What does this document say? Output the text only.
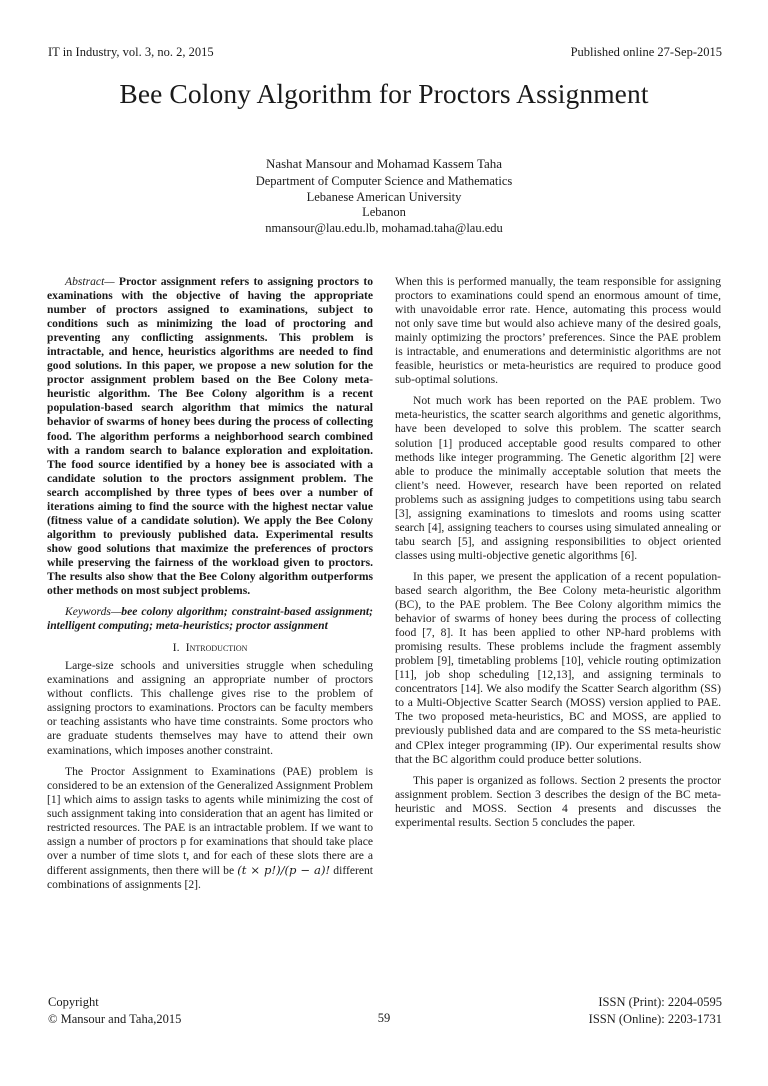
IT in Industry, vol. 3, no. 2, 2015	Published online 27-Sep-2015
Bee Colony Algorithm for Proctors Assignment
Nashat Mansour and Mohamad Kassem Taha
Department of Computer Science and Mathematics
Lebanese American University
Lebanon
nmansour@lau.edu.lb, mohamad.taha@lau.edu

Abstract— Proctor assignment refers to assigning proctors to examinations with the objective of having the appropriate number of proctors assigned to examinations, subject to conditions such as minimizing the load of proctoring and preventing any conflicting assignments. This problem is intractable, and hence, heuristics algorithms are needed to find good solutions. In this paper, we propose a new solution for the proctor assignment problem based on the Bee Colony meta-heuristic algorithm. The Bee Colony algorithm is a recent population-based search algorithm that mimics the natural behavior of swarms of honey bees during the process of collecting food. The algorithm performs a neighborhood search combined with a random search to balance exploration and exploitation. The food source identified by a honey bee is associated with a candidate solution to the proctors assignment problem. The search accomplished by three types of bees over a number of iterations aiming to find the source with the highest nectar value (fitness value of a candidate solution). We apply the Bee Colony algorithm to previously published data. Experimental results show good solutions that maximize the preferences of proctors while preserving the fairness of the workload given to proctors. The results also show that the Bee Colony algorithm outperforms other methods on most subject problems.

Keywords—bee colony algorithm; constraint-based assignment; intelligent computing; meta-heuristics; proctor assignment

I. Introduction

Large-size schools and universities struggle when scheduling examinations and assigning an appropriate number of proctors without conflicts. This challenge gives rise to the problem of assigning proctors to examinations. Proctors can be faculty members or teaching assistants who have time constraints. Some proctors who are graduate students themselves may have to attend their own examinations, which imposes another constraint.

The Proctor Assignment to Examinations (PAE) problem is considered to be an extension of the Generalized Assignment Problem [1] which aims to assign tasks to agents while minimizing the cost of such assignment taking into consideration that an agent has limited or restricted resources. The PAE is an intractable problem. If we want to assign a number of proctors p for examinations that should take place over a number of time slots t, and for each of these slots there are a different assignments, then there will be (t × p!)/(p − a)! different combinations of assignments [2].

When this is performed manually, the team responsible for assigning proctors to examinations could spend an enormous amount of time, with unavoidable error rate. Hence, automating this process would not only save time but would also achieve many of the desired goals, mainly optimizing the proctors’ preferences. Since the PAE problem is intractable, and enumerations and deterministic algorithms are not feasible, heuristics or meta-heuristics are required to produce good sub-optimal solutions.

Not much work has been reported on the PAE problem. Two meta-heuristics, the scatter search algorithms and genetic algorithms, have been developed to solve this problem. The scatter search solution [1] produced acceptable good results compared to other methods like integer programming. The Genetic algorithm [2] were able to produce the minimally acceptable solution that meets the client’s need. However, research have been reported on related problems such as assigning judges to competitions using tabu search [3], assigning examinations to timeslots and rooms using scatter search [4], assigning teachers to courses using simulated annealing or tabu search [5], and assigning responsibilities to object oriented classes using multi-objective genetic algorithms [6].

In this paper, we present the application of a recent population-based search algorithm, the Bee Colony meta-heuristic algorithm (BC), to the PAE problem. The Bee Colony algorithm mimics the behavior of swarms of honey bees during the process of collecting food [7, 8]. It has been applied to other NP-hard problems with promising results. These problems include the fragment assembly problem [9], timetabling problems [10], vehicle routing optimization [11], job shop scheduling [12,13], and assigning terminals to concentrators [14]. We also modify the Scatter Search algorithm (SS) to a Multi-Objective Scatter Search (MOSS) version applied to PAE. The two proposed meta-heuristics, BC and MOSS, are applied to previously published data and are compared to the SS meta-heuristic and CPlex integer programming (IP). Our experimental results show that the BC algorithm could produce better solutions.

This paper is organized as follows. Section 2 presents the proctor assignment problem. Section 3 describes the design of the BC meta-heuristic and MOSS. Section 4 presents and discusses the experimental results. Section 5 concludes the paper.

Copyright
© Mansour and Taha,2015	59
ISSN (Print): 2204-0595
ISSN (Online): 2203-1731
